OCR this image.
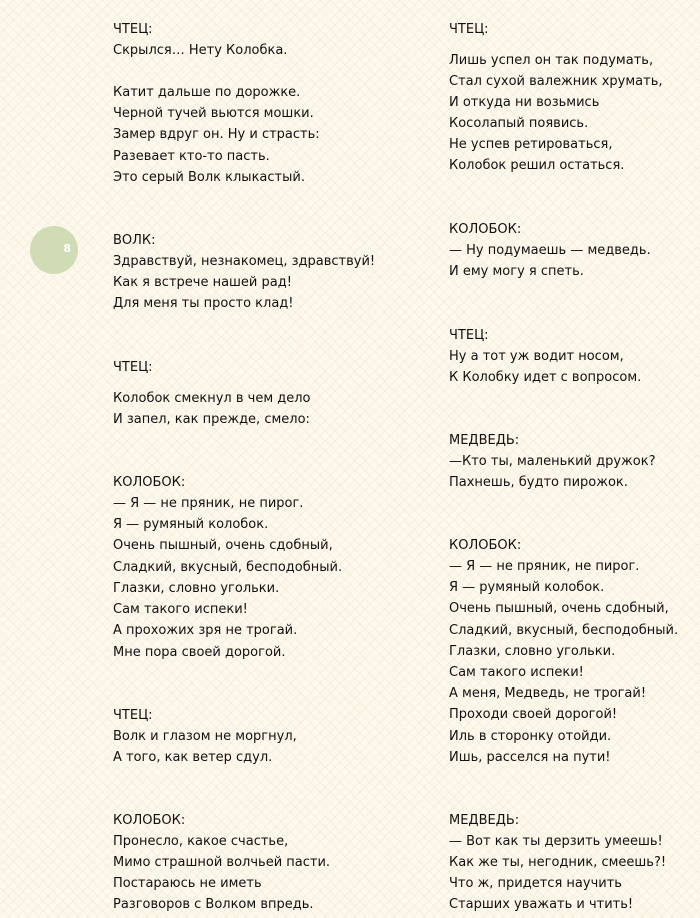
8
ЧТЕЦ:
Скрылся… Нету Колобка.
Катит дальше по дорожке.
Черной тучей вьются мошки.
Замер вдруг он. Ну и страсть:
Разевает кто-то пасть.
Это серый Волк клыкастый.
ВОЛК:
Здравствуй, незнакомец, здравствуй!
Как я встрече нашей рад!
Для меня ты просто клад!
ЧТЕЦ:
Колобок смекнул в чем дело
И запел, как прежде, смело:
КОЛОБОК:
— Я — не пряник, не пирог.
Я — румяный колобок.
Очень пышный, очень сдобный,
Сладкий, вкусный, бесподобный.
Глазки, словно угольки.
Сам такого испеки!
А прохожих зря не трогай.
Мне пора своей дорогой.
ЧТЕЦ:
Волк и глазом не моргнул,
А того, как ветер сдул.
КОЛОБОК:
Пронесло, какое счастье,
Мимо страшной волчьей пасти.
Постараюсь не иметь
Разговоров с Волком впредь.
ЧТЕЦ:
Лишь успел он так подумать,
Стал сухой валежник хрумать,
И откуда ни возьмись
Косолапый появись.
Не успев ретироваться,
Колобок решил остаться.
КОЛОБОК:
— Ну подумаешь — медведь.
И ему могу я спеть.
ЧТЕЦ:
Ну а тот уж водит носом,
К Колобку идет с вопросом.
МЕДВЕДЬ:
—Кто ты, маленький дружок?
Пахнешь, будто пирожок.
КОЛОБОК:
— Я — не пряник, не пирог.
Я — румяный колобок.
Очень пышный, очень сдобный,
Сладкий, вкусный, бесподобный.
Глазки, словно угольки.
Сам такого испеки!
А меня, Медведь, не трогай!
Проходи своей дорогой!
Иль в сторонку отойди.
Ишь, расселся на пути!
МЕДВЕДЬ:
— Вот как ты дерзить умеешь!
Как же ты, негодник, смеешь?!
Что ж, придется научить
Старших уважать и чтить!
